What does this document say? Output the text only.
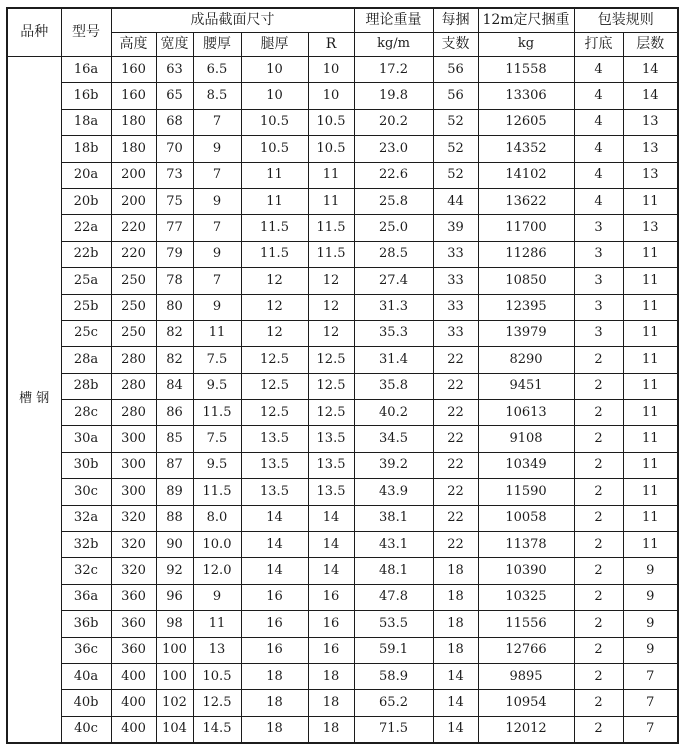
品种	型号	成品截面尺寸					理论重量	每捆	12m定尺捆重	包装规则	
		高度	宽度	腰厚	腿厚	R	kg/m	支数	kg	打底	层数
槽 钢	16a	160	63	6.5	10	10	17.2	56	11558	4	14
	16b	160	65	8.5	10	10	19.8	56	13306	4	14
	18a	180	68	7	10.5	10.5	20.2	52	12605	4	13
	18b	180	70	9	10.5	10.5	23.0	52	14352	4	13
	20a	200	73	7	11	11	22.6	52	14102	4	13
	20b	200	75	9	11	11	25.8	44	13622	4	11
	22a	220	77	7	11.5	11.5	25.0	39	11700	3	13
	22b	220	79	9	11.5	11.5	28.5	33	11286	3	11
	25a	250	78	7	12	12	27.4	33	10850	3	11
	25b	250	80	9	12	12	31.3	33	12395	3	11
	25c	250	82	11	12	12	35.3	33	13979	3	11
	28a	280	82	7.5	12.5	12.5	31.4	22	8290	2	11
	28b	280	84	9.5	12.5	12.5	35.8	22	9451	2	11
	28c	280	86	11.5	12.5	12.5	40.2	22	10613	2	11
	30a	300	85	7.5	13.5	13.5	34.5	22	9108	2	11
	30b	300	87	9.5	13.5	13.5	39.2	22	10349	2	11
	30c	300	89	11.5	13.5	13.5	43.9	22	11590	2	11
	32a	320	88	8.0	14	14	38.1	22	10058	2	11
	32b	320	90	10.0	14	14	43.1	22	11378	2	11
	32c	320	92	12.0	14	14	48.1	18	10390	2	9
	36a	360	96	9	16	16	47.8	18	10325	2	9
	36b	360	98	11	16	16	53.5	18	11556	2	9
	36c	360	100	13	16	16	59.1	18	12766	2	9
	40a	400	100	10.5	18	18	58.9	14	9895	2	7
	40b	400	102	12.5	18	18	65.2	14	10954	2	7
	40c	400	104	14.5	18	18	71.5	14	12012	2	7
